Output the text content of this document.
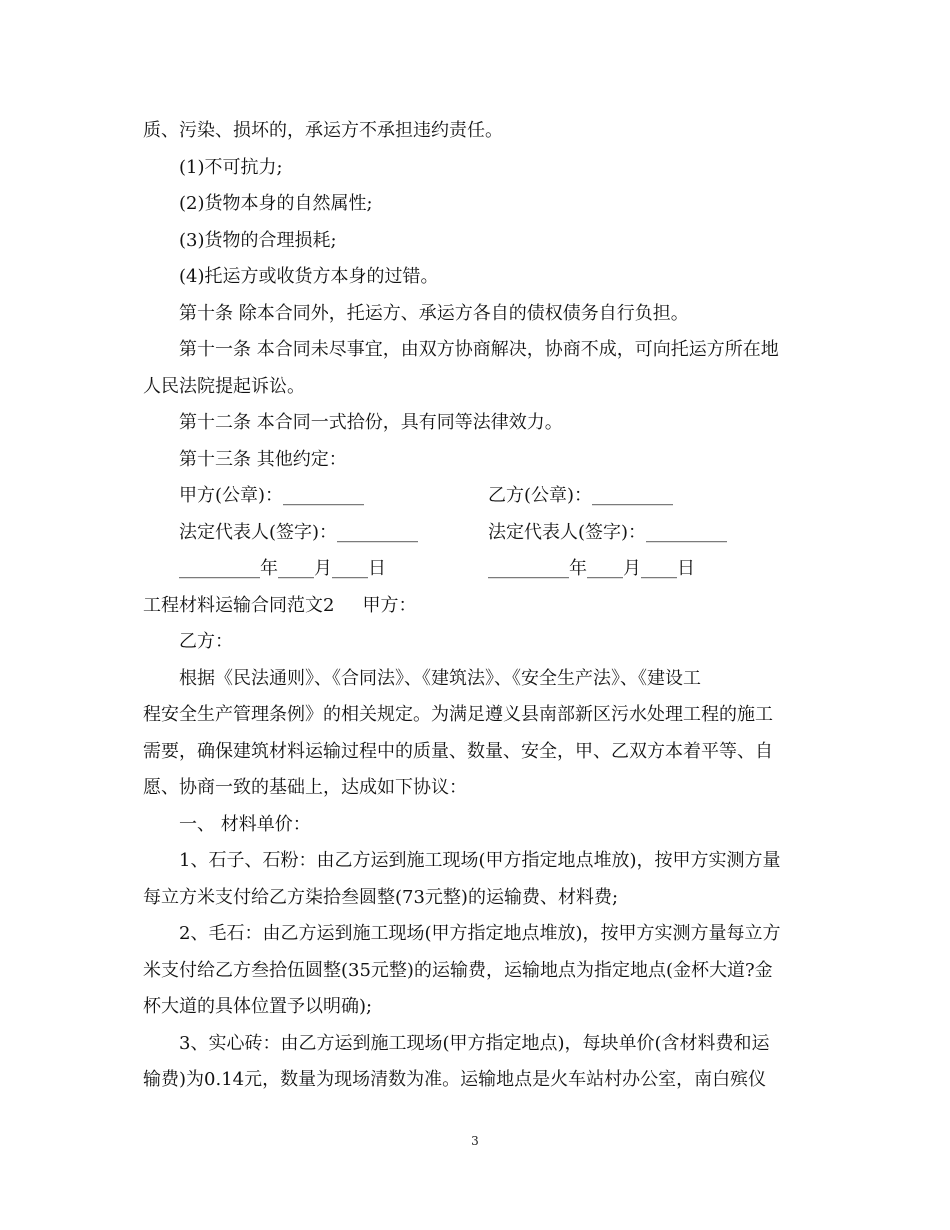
质、污染、损坏的，承运方不承担违约责任。
(1)不可抗力;
(2)货物本身的自然属性;
(3)货物的合理损耗;
(4)托运方或收货方本身的过错。
第十条 除本合同外，托运方、承运方各自的债权债务自行负担。
第十一条 本合同未尽事宜，由双方协商解决，协商不成，可向托运方所在地
人民法院提起诉讼。
第十二条 本合同一式拾份，具有同等法律效力。
第十三条 其他约定：
甲方(公章)：_________	乙方(公章)：_________
法定代表人(签字)：_________	法定代表人(签字)：_________
_________年____月____日	_________年____月____日
工程材料运输合同范文2 甲方：
乙方：
根据《民法通则》、《合同法》、《建筑法》、《安全生产法》、《建设工
程安全生产管理条例》的相关规定。为满足遵义县南部新区污水处理工程的施工
需要，确保建筑材料运输过程中的质量、数量、安全，甲、乙双方本着平等、自
愿、协商一致的基础上，达成如下协议：
一、 材料单价：
1、石子、石粉：由乙方运到施工现场(甲方指定地点堆放)，按甲方实测方量
每立方米支付给乙方柒拾叁圆整(73元整)的运输费、材料费;
2、毛石：由乙方运到施工现场(甲方指定地点堆放)，按甲方实测方量每立方
米支付给乙方叁拾伍圆整(35元整)的运输费，运输地点为指定地点(金杯大道?金
杯大道的具体位置予以明确);
3、实心砖：由乙方运到施工现场(甲方指定地点)，每块单价(含材料费和运
输费)为0.14元，数量为现场清数为准。运输地点是火车站村办公室，南白殡仪
3
